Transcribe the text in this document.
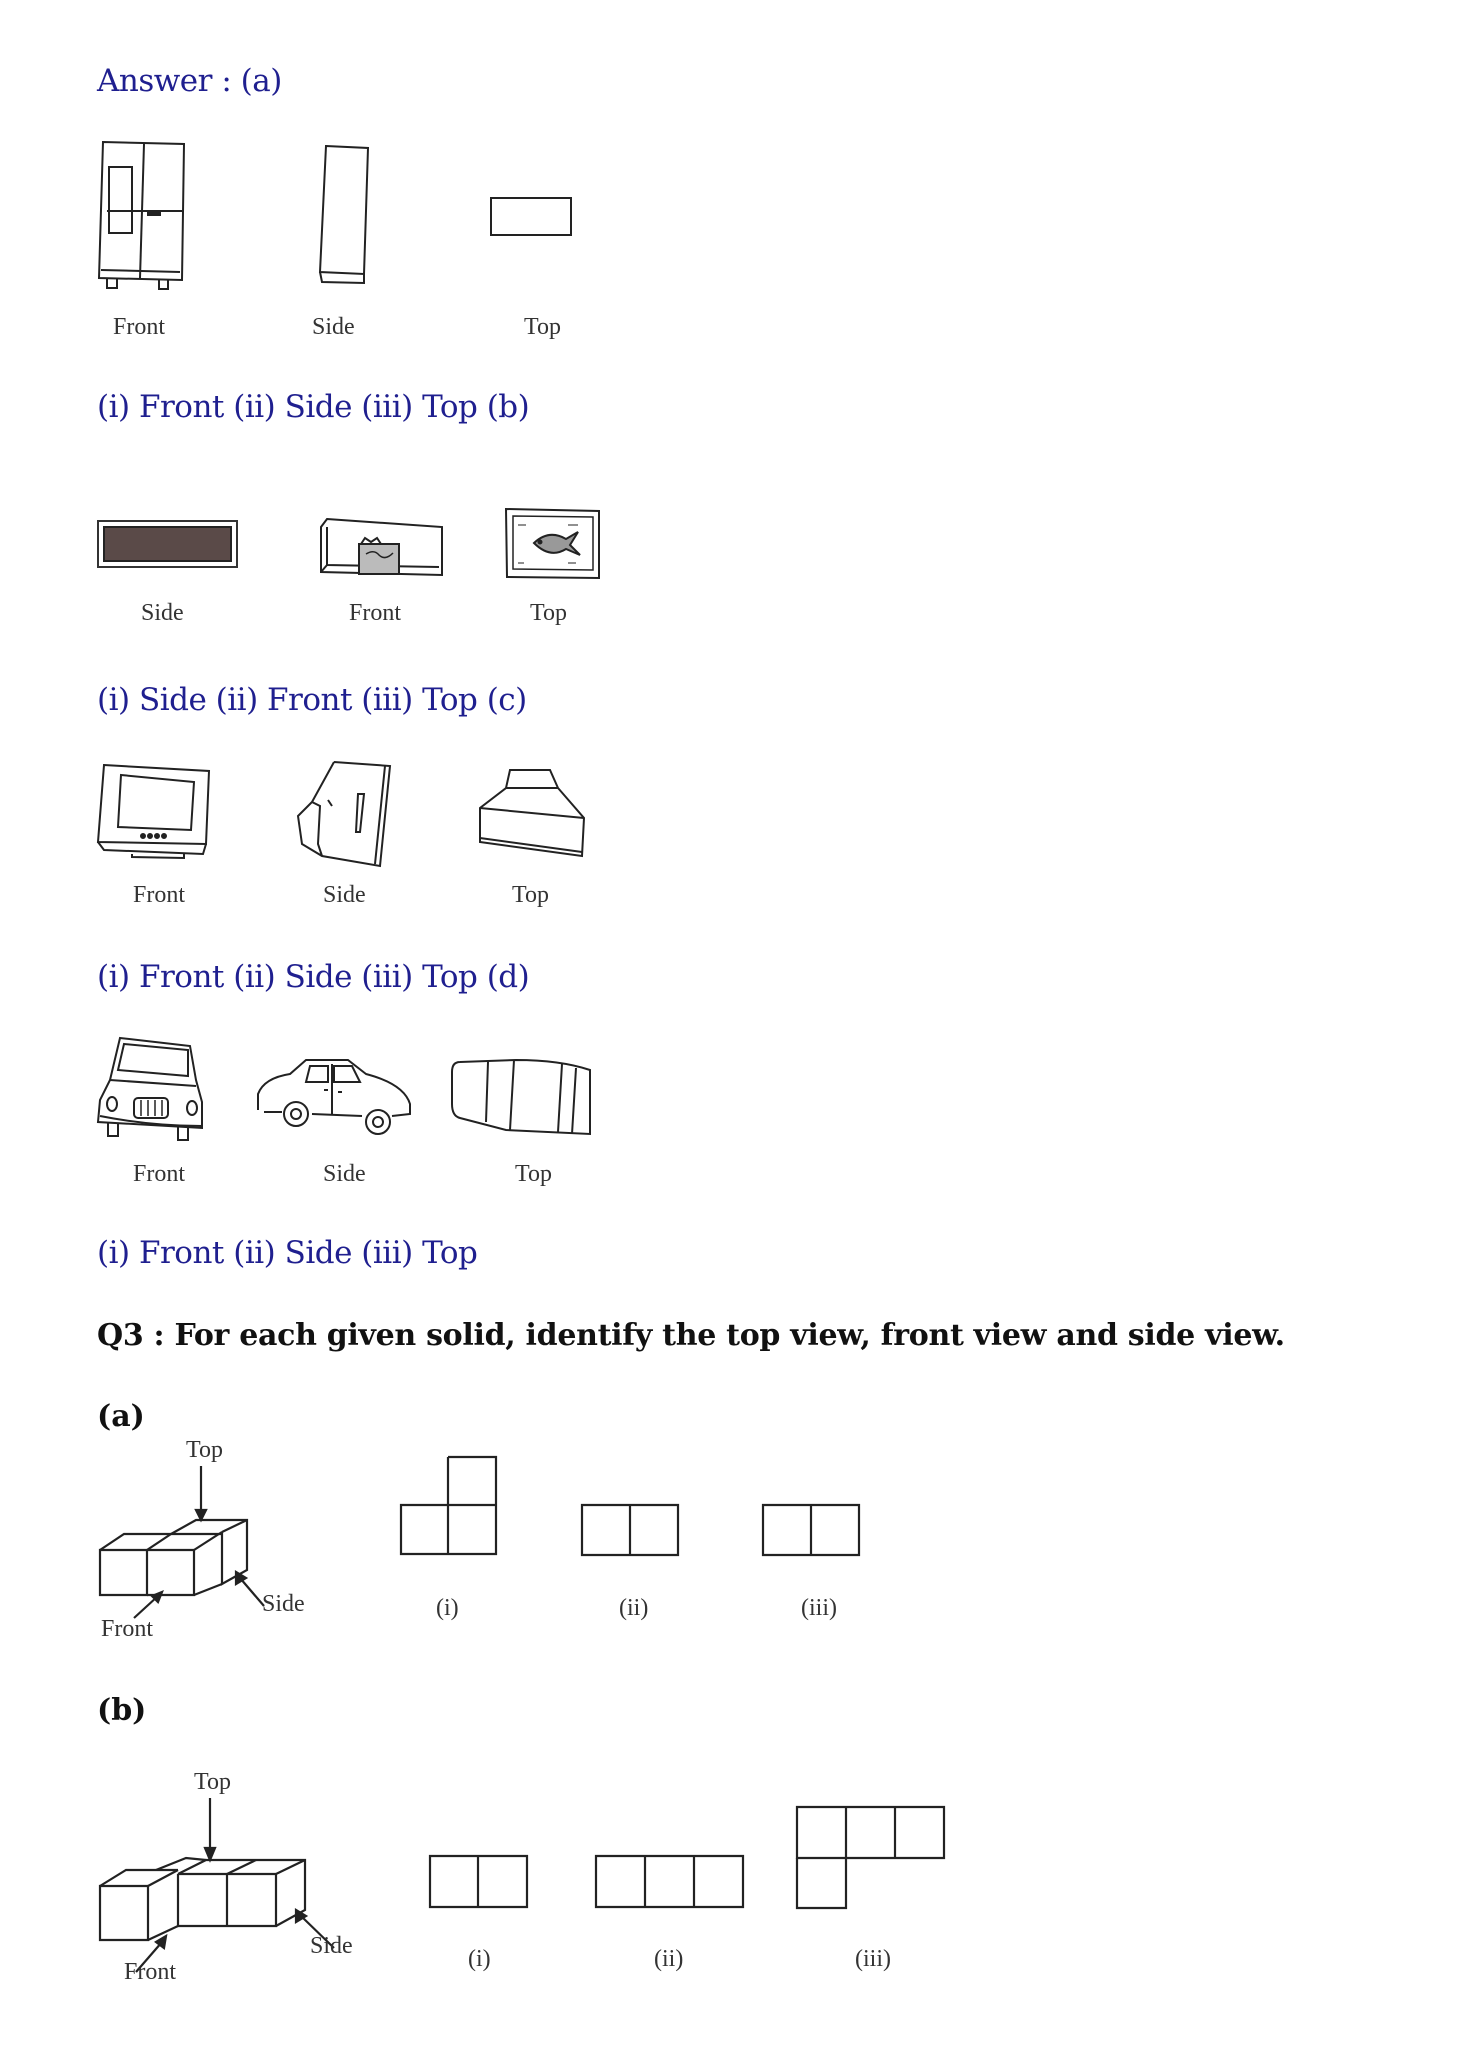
Answer : (a)
Front	Side	Top
(i) Front (ii) Side (iii) Top (b)
Side	Front	Top
(i) Side (ii) Front (iii) Top (c)
Front	Side	Top
(i) Front (ii) Side (iii) Top (d)
Front	Side	Top
(i) Front (ii) Side (iii) Top
Q3 : For each given solid, identify the top view, front view and side view.
(a)
Top
Side
Front
(i)	(ii)	(iii)
(b)
Top
Side
Front	(i)	(ii)	(iii)
